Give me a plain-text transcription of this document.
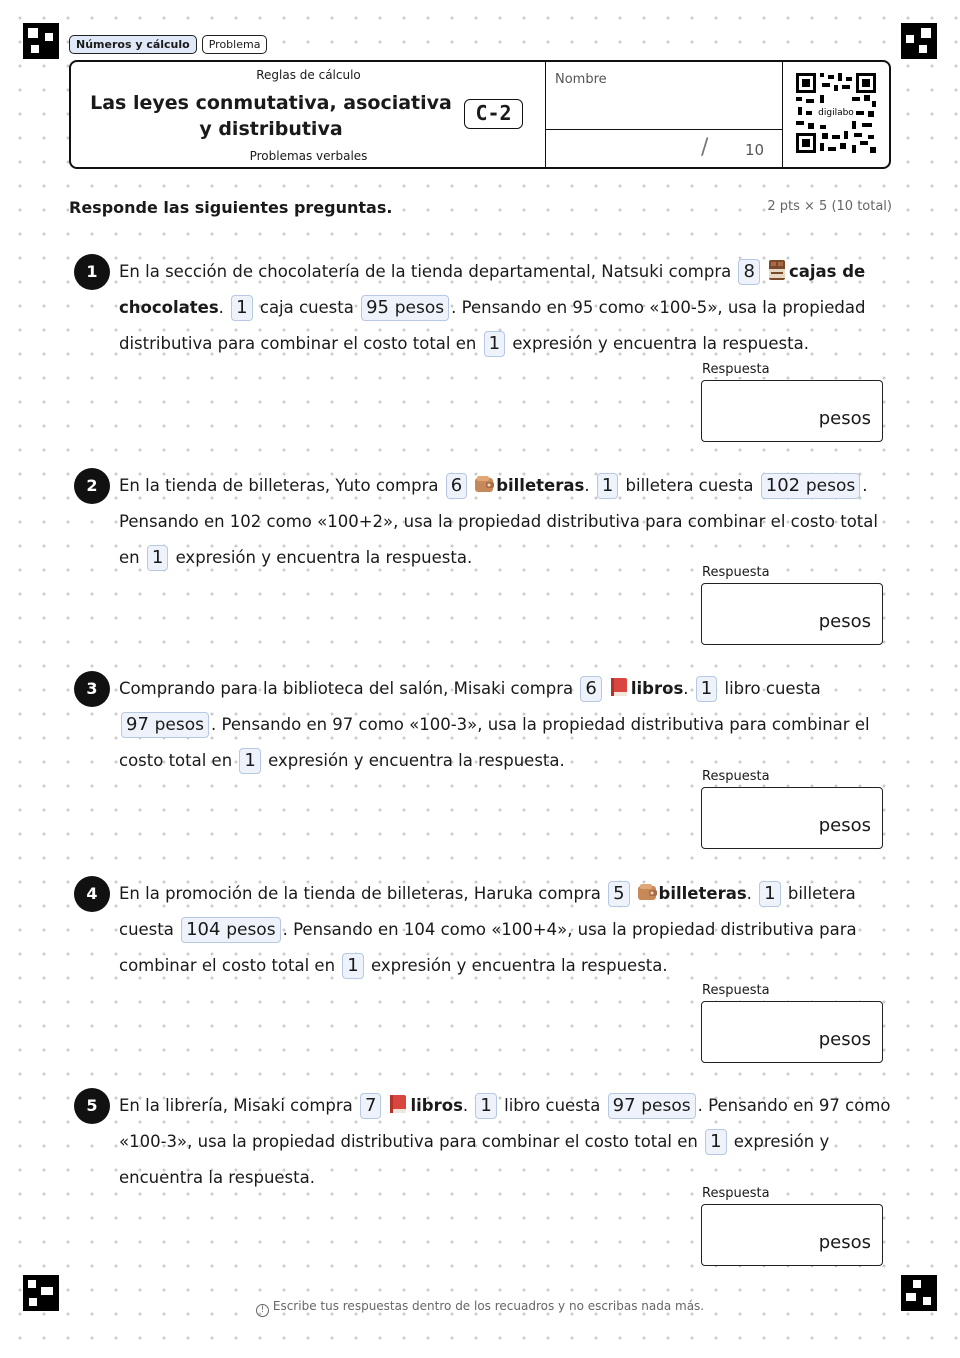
Números y cálculo	Problema
Reglas de cálculo
Las leyes conmutativa, asociativa y distributiva
C-2
Problemas verbales
Nombre
/ 10
digilabo
Responde las siguientes preguntas.	2 pts × 5 (10 total)
1	En la sección de chocolatería de la tienda departamental, Natsuki compra 8 cajas de chocolates. 1 caja cuesta 95 pesos . Pensando en 95 como «100-5», usa la propiedad distributiva para combinar el costo total en 1 expresión y encuentra la respuesta.
Respuesta
pesos
2	En la tienda de billeteras, Yuto compra 6 billeteras. 1 billetera cuesta 102 pesos . Pensando en 102 como «100+2», usa la propiedad distributiva para combinar el costo total en 1 expresión y encuentra la respuesta.
Respuesta
pesos
3	Comprando para la biblioteca del salón, Misaki compra 6 libros. 1 libro cuesta 97 pesos . Pensando en 97 como «100-3», usa la propiedad distributiva para combinar el costo total en 1 expresión y encuentra la respuesta.
Respuesta
pesos
4	En la promoción de la tienda de billeteras, Haruka compra 5 billeteras. 1 billetera cuesta 104 pesos . Pensando en 104 como «100+4», usa la propiedad distributiva para combinar el costo total en 1 expresión y encuentra la respuesta.
Respuesta
pesos
5	En la librería, Misaki compra 7 libros. 1 libro cuesta 97 pesos . Pensando en 97 como «100-3», usa la propiedad distributiva para combinar el costo total en 1 expresión y encuentra la respuesta.
Respuesta
pesos
! Escribe tus respuestas dentro de los recuadros y no escribas nada más.
